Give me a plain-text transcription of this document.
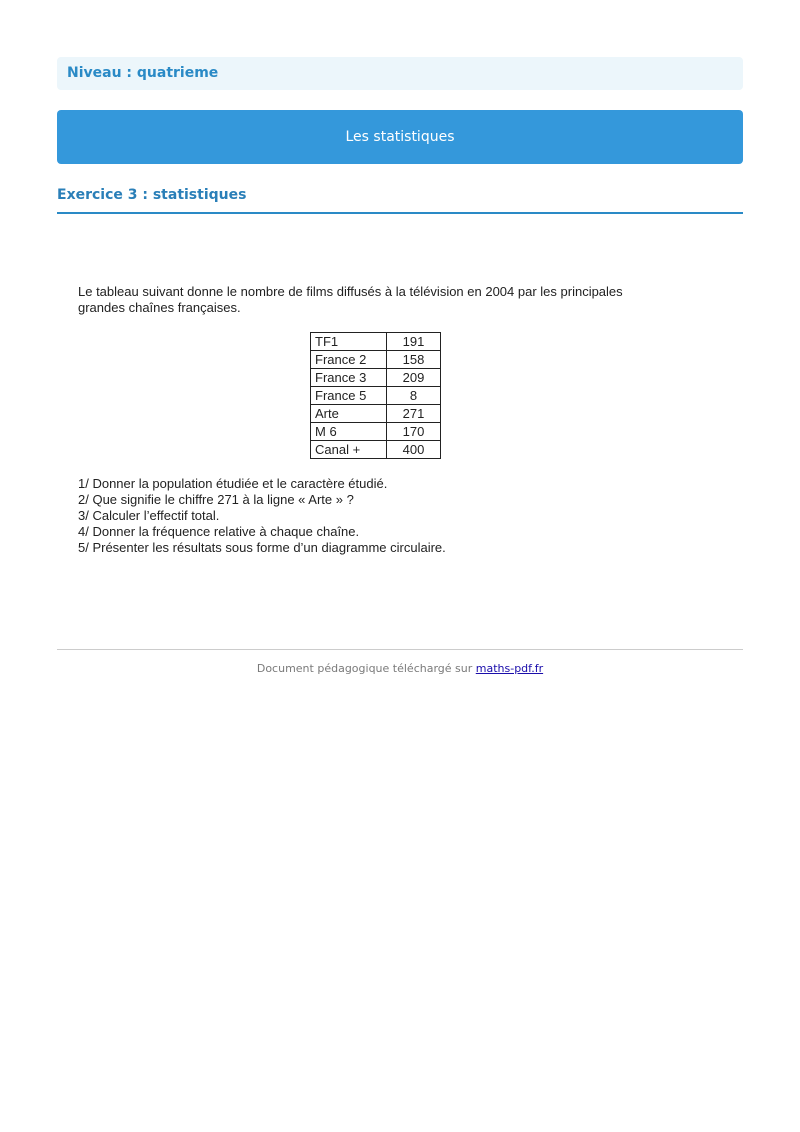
Niveau : quatrieme
Les statistiques
Exercice 3 : statistiques

Le tableau suivant donne le nombre de films diffusés à la télévision en 2004 par les principales
grandes chaînes françaises.

TF1	191
France 2	158
France 3	209
France 5	8
Arte	271
M 6	170
Canal +	400
1/ Donner la population étudiée et le caractère étudié.
2/ Que signifie le chiffre 271 à la ligne « Arte » ?
3/ Calculer l’effectif total.
4/ Donner la fréquence relative à chaque chaîne.
5/ Présenter les résultats sous forme d’un diagramme circulaire.
Document pédagogique téléchargé sur maths-pdf.fr
